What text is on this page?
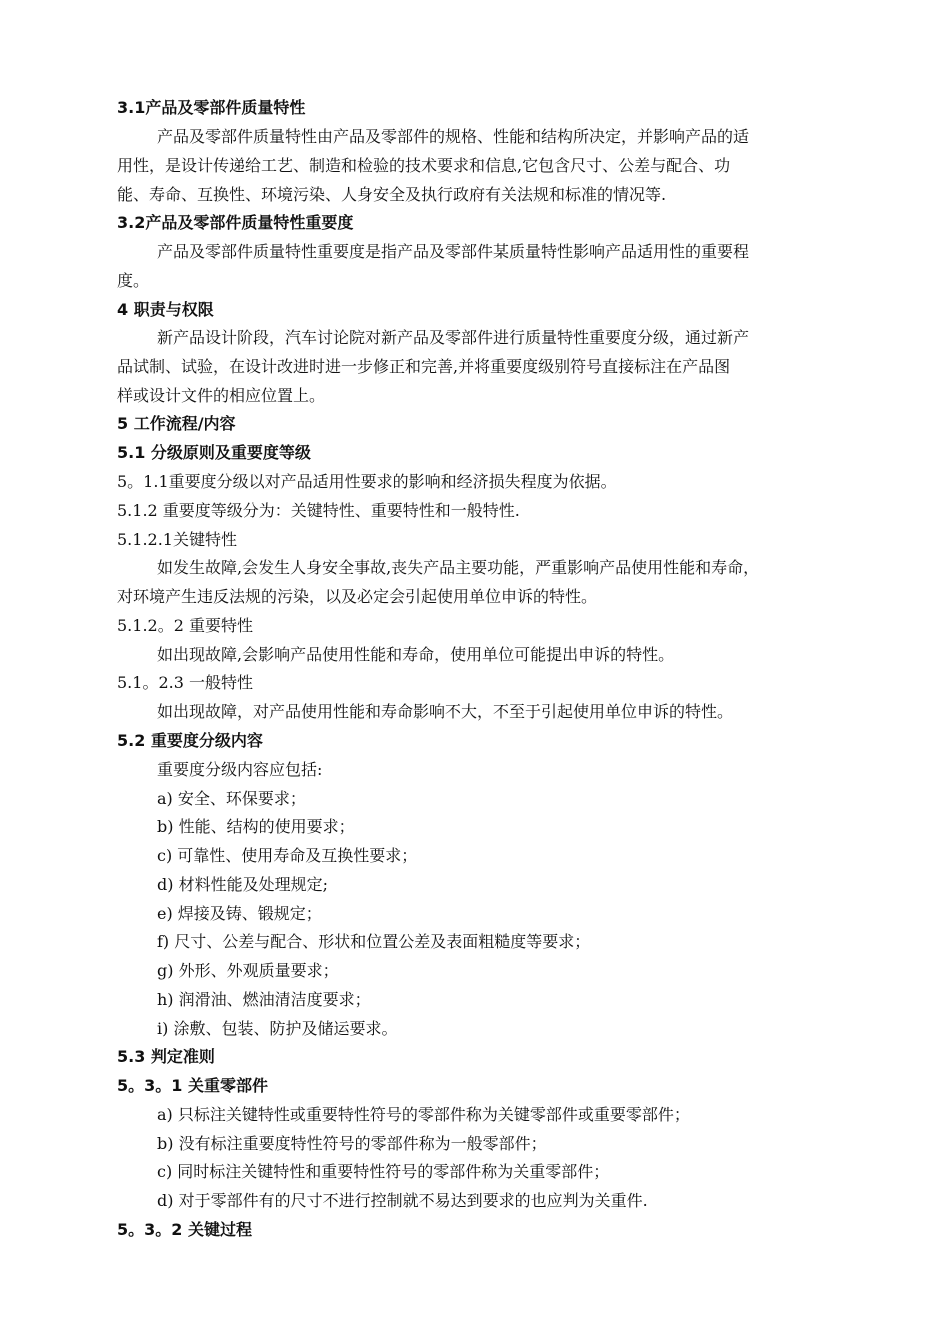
3.1产品及零部件质量特性
产品及零部件质量特性由产品及零部件的规格、性能和结构所决定，并影响产品的适
用性，是设计传递给工艺、制造和检验的技术要求和信息,它包含尺寸、公差与配合、功
能、寿命、互换性、环境污染、人身安全及执行政府有关法规和标准的情况等.
3.2产品及零部件质量特性重要度
产品及零部件质量特性重要度是指产品及零部件某质量特性影响产品适用性的重要程
度。
4 职责与权限
新产品设计阶段，汽车讨论院对新产品及零部件进行质量特性重要度分级，通过新产
品试制、试验，在设计改进时进一步修正和完善,并将重要度级别符号直接标注在产品图
样或设计文件的相应位置上。
5 工作流程/内容
5.1 分级原则及重要度等级
5。1.1重要度分级以对产品适用性要求的影响和经济损失程度为依据。
5.1.2 重要度等级分为：关键特性、重要特性和一般特性.
5.1.2.1关键特性
如发生故障,会发生人身安全事故,丧失产品主要功能，严重影响产品使用性能和寿命，
对环境产生违反法规的污染，以及必定会引起使用单位申诉的特性。
5.1.2。2 重要特性
如出现故障,会影响产品使用性能和寿命，使用单位可能提出申诉的特性。
5.1。2.3 一般特性
如出现故障，对产品使用性能和寿命影响不大，不至于引起使用单位申诉的特性。
5.2 重要度分级内容
重要度分级内容应包括:
a) 安全、环保要求；
b) 性能、结构的使用要求；
c) 可靠性、使用寿命及互换性要求；
d) 材料性能及处理规定;
e) 焊接及铸、锻规定；
f) 尺寸、公差与配合、形状和位置公差及表面粗糙度等要求；
g) 外形、外观质量要求；
h) 润滑油、燃油清洁度要求；
i) 涂敷、包装、防护及储运要求。
5.3 判定准则
5。3。1 关重零部件
a) 只标注关键特性或重要特性符号的零部件称为关键零部件或重要零部件；
b) 没有标注重要度特性符号的零部件称为一般零部件；
c) 同时标注关键特性和重要特性符号的零部件称为关重零部件；
d) 对于零部件有的尺寸不进行控制就不易达到要求的也应判为关重件.
5。3。2 关键过程
